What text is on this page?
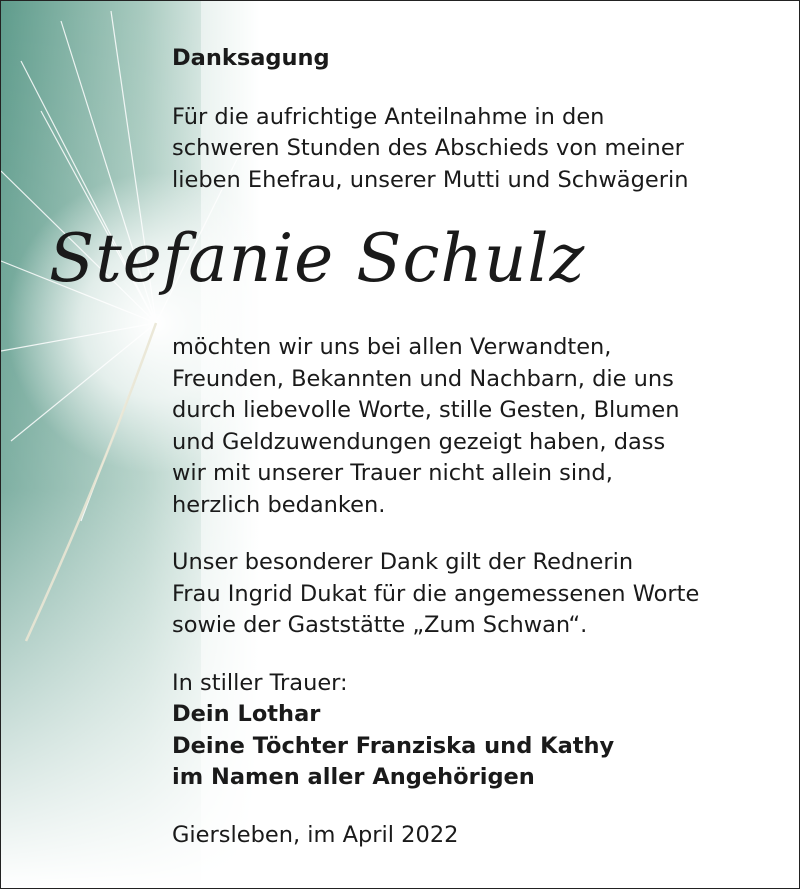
Danksagung

Für die aufrichtige Anteilnahme in den
schweren Stunden des Abschieds von meiner
lieben Ehefrau, unserer Mutti und Schwägerin

Stefanie Schulz

möchten wir uns bei allen Verwandten,
Freunden, Bekannten und Nachbarn, die uns
durch liebevolle Worte, stille Gesten, Blumen
und Geldzuwendungen gezeigt haben, dass
wir mit unserer Trauer nicht allein sind,
herzlich bedanken.

Unser besonderer Dank gilt der Rednerin
Frau Ingrid Dukat für die angemessenen Worte
sowie der Gaststätte „Zum Schwan“.

In stiller Trauer:

Dein Lothar

Deine Töchter Franziska und Kathy

im Namen aller Angehörigen

Giersleben, im April 2022
